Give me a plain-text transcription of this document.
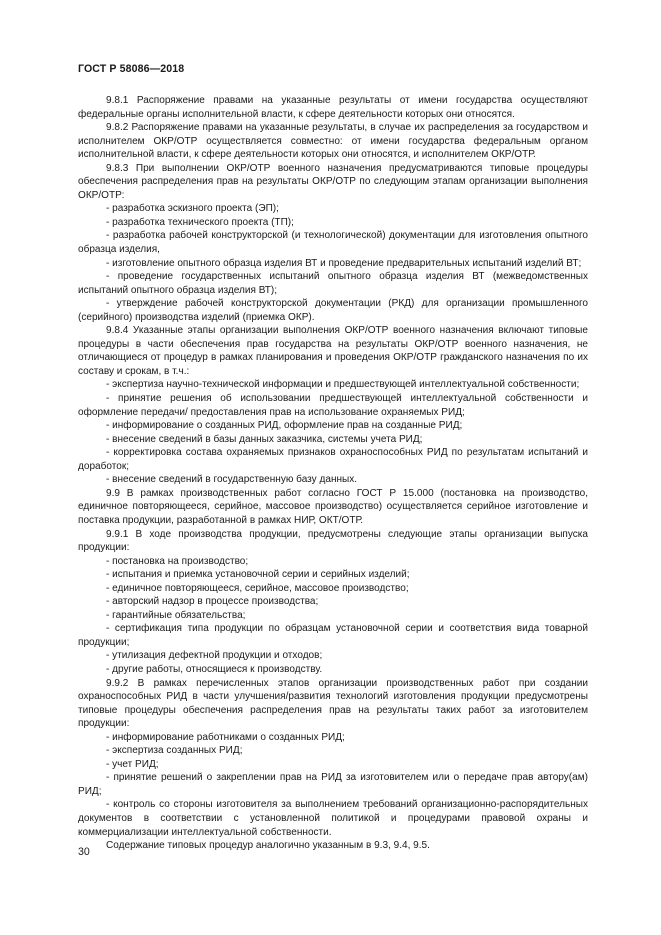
ГОСТ Р 58086—2018

9.8.1 Распоряжение правами на указанные результаты от имени государства осуществляют федеральные органы исполнительной власти, к сфере деятельности которых они относятся.

9.8.2 Распоряжение правами на указанные результаты, в случае их распределения за государством и исполнителем ОКР/ОТР осуществляется совместно: от имени государства федеральным органом исполнительной власти, к сфере деятельности которых они относятся, и исполнителем ОКР/ОТР.

9.8.3 При выполнении ОКР/ОТР военного назначения предусматриваются типовые процедуры обеспечения распределения прав на результаты ОКР/ОТР по следующим этапам организации выполнения ОКР/ОТР:

- разработка эскизного проекта (ЭП);

- разработка технического проекта (ТП);

- разработка рабочей конструкторской (и технологической) документации для изготовления опытного образца изделия,

- изготовление опытного образца изделия ВТ и проведение предварительных испытаний изделий ВТ;

- проведение государственных испытаний опытного образца изделия ВТ (межведомственных испытаний опытного образца изделия ВТ);

- утверждение рабочей конструкторской документации (РКД) для организации промышленного (серийного) производства изделий (приемка ОКР).

9.8.4 Указанные этапы организации выполнения ОКР/ОТР военного назначения включают типовые процедуры в части обеспечения прав государства на результаты ОКР/ОТР военного назначения, не отличающиеся от процедур в рамках планирования и проведения ОКР/ОТР гражданского назначения по их составу и срокам, в т.ч.:

- экспертиза научно-технической информации и предшествующей интеллектуальной собственности;

- принятие решения об использовании предшествующей интеллектуальной собственности и оформление передачи/ предоставления прав на использование охраняемых РИД;

- информирование о созданных РИД, оформление прав на созданные РИД;

- внесение сведений в базы данных заказчика, системы учета РИД;

- корректировка состава охраняемых признаков охраноспособных РИД по результатам испытаний и доработок;

- внесение сведений в государственную базу данных.

9.9 В рамках производственных работ согласно ГОСТ Р 15.000 (постановка на производство, единичное повторяющееся, серийное, массовое производство) осуществляется серийное изготовление и поставка продукции, разработанной в рамках НИР, ОКТ/ОТР.

9.9.1 В ходе производства продукции, предусмотрены следующие этапы организации выпуска продукции:

- постановка на производство;

- испытания и приемка установочной серии и серийных изделий;

- единичное повторяющееся, серийное, массовое производство;

- авторский надзор в процессе производства;

- гарантийные обязательства;

- сертификация типа продукции по образцам установочной серии и соответствия вида товарной продукции;

- утилизация дефектной продукции и отходов;

- другие работы, относящиеся к производству.

9.9.2 В рамках перечисленных этапов организации производственных работ при создании охраноспособных РИД в части улучшения/развития технологий изготовления продукции предусмотрены типовые процедуры обеспечения распределения прав на результаты таких работ за изготовителем продукции:

- информирование работниками о созданных РИД;

- экспертиза созданных РИД;

- учет РИД;

- принятие решений о закреплении прав на РИД за изготовителем или о передаче прав автору(ам) РИД;

- контроль со стороны изготовителя за выполнением требований организационно-распорядительных документов в соответствии с установленной политикой и процедурами правовой охраны и коммерциализации интеллектуальной собственности.

Содержание типовых процедур аналогично указанным в 9.3, 9.4, 9.5.

30
